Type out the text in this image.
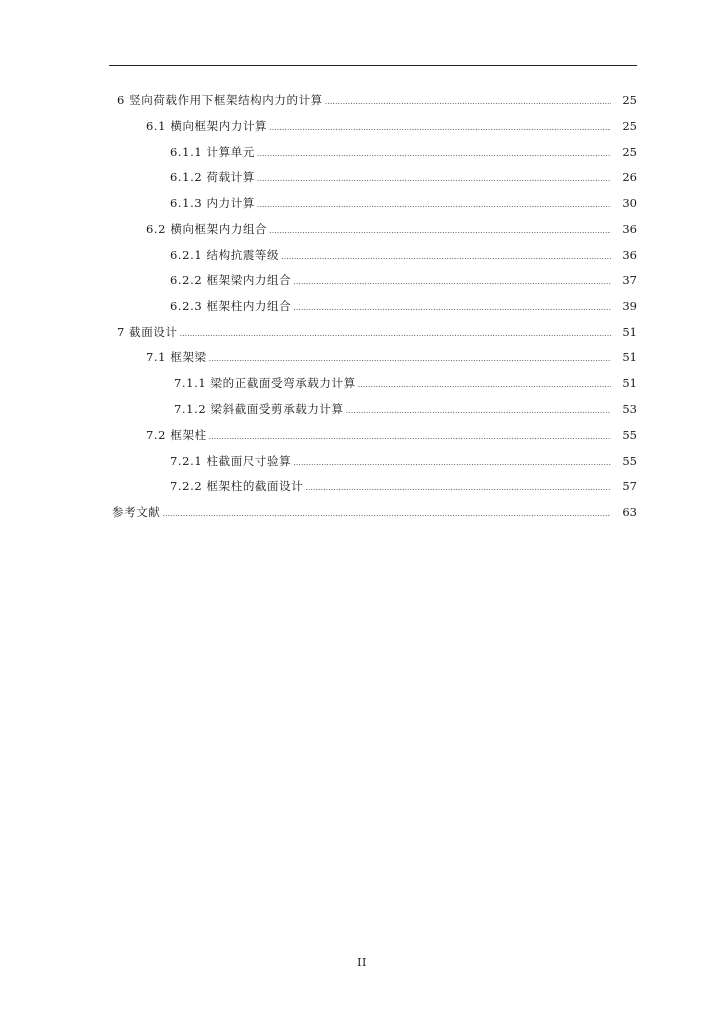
6 竖向荷载作用下框架结构内力的计算 .....	25
6.1 横向框架内力计算 .....	25
6.1.1 计算单元 .....	25
6.1.2 荷载计算 .....	26
6.1.3 内力计算 .....	30
6.2 横向框架内力组合 .....	36
6.2.1 结构抗震等级 .....	36
6.2.2 框架梁内力组合 .....	37
6.2.3 框架柱内力组合 .....	39
7 截面设计 .....	51
7.1 框架梁 .....	51
7.1.1 梁的正截面受弯承载力计算 .....	51
7.1.2 梁斜截面受剪承载力计算 .....	53
7.2 框架柱 .....	55
7.2.1 柱截面尺寸验算 .....	55
7.2.2 框架柱的截面设计 .....	57
参考文献 .....	63
II
